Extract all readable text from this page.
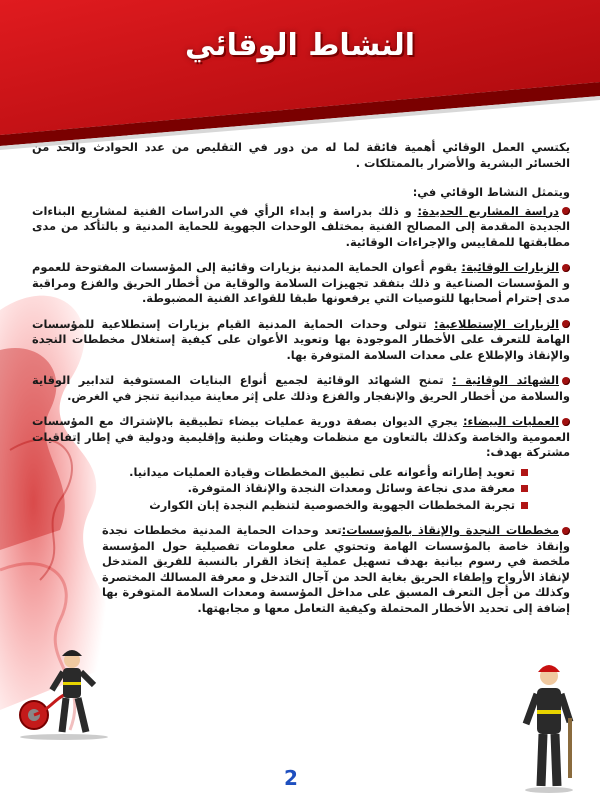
النشاط الوقائي

يكتسي العمل الوقائي أهمية فائقة لما له من دور في التقليص من عدد الحوادث والحد من الخسائر البشرية والأضرار بالممتلكات .

ويتمثل النشاط الوقائي في:

دراسة المشاريع الجديدة: و ذلك بدراسة و إبداء الرأي في الدراسات الفنية لمشاريع البناءات الجديدة المقدمة إلى المصالح الفنية بمختلف الوحدات الجهوية للحماية المدنية و بالتأكد من مدى مطابقتها للمقاييس والإجراءات الوقائية.
الزيارات الوقائية: يقوم أعوان الحماية المدنية بزيارات وقائية إلى المؤسسات المفتوحة للعموم و المؤسسات الصناعية و ذلك بتفقد تجهيزات السلامة والوقاية من أخطار الحريق والفزع ومراقبة مدى إحترام أصحابها للتوصيات التي يرفعونها طبقا للقواعد الفنية المضبوطة.
الزيارات الإستطلاعية: تتولى وحدات الحماية المدنية القيام بزيارات إستطلاعية للمؤسسات الهامة للتعرف على الأخطار الموجودة بها وتعويد الأعوان على كيفية إستغلال مخططات النجدة والإنقاذ والإطلاع على معدات السلامة المتوفرة بها.
الشهائد الوقائية : تمنح الشهائد الوقائية لجميع أنواع البنايات المستوفية لتدابير الوقاية والسلامة من أخطار الحريق والإنفجار والفزع وذلك على إثر معاينة ميدانية تنجز في الغرض.
العمليات البيضاء: يجري الديوان بصفة دورية عمليات بيضاء تطبيقية بالإشتراك مع المؤسسات العمومية والخاصة وكذلك بالتعاون مع منظمات وهيئات وطنية وإقليمية ودولية في إطار إتفاقيات مشتركة بهدف:
تعويد إطاراته وأعوانه على تطبيق المخططات وقيادة العمليات ميدانيا.
معرفة مدى نجاعة وسائل ومعدات النجدة والإنقاذ المتوفرة.
تجربة المخططات الجهوية والخصوصية لتنظيم النجدة إبان الكوارث
مخططات النجدة والإنقاذ بالمؤسسات:تعد وحدات الحماية المدنية مخططات نجدة وإنقاذ خاصة بالمؤسسات الهامة وتحتوي على معلومات تفصيلية حول المؤسسة ملخصة في رسوم بيانية بهدف تسهيل عملية إتخاذ القرار بالنسبة للفريق المتدخل لإنقاذ الأرواح وإطفاء الحريق بغاية الحد من آجال التدخل و معرفة المسالك المختصرة وكذلك من أجل التعرف المسبق على مداخل المؤسسة ومعدات السلامة المتوفرة بها إضافة إلى تحديد الأخطار المحتملة وكيفية التعامل معها و مجابهتها.
2
